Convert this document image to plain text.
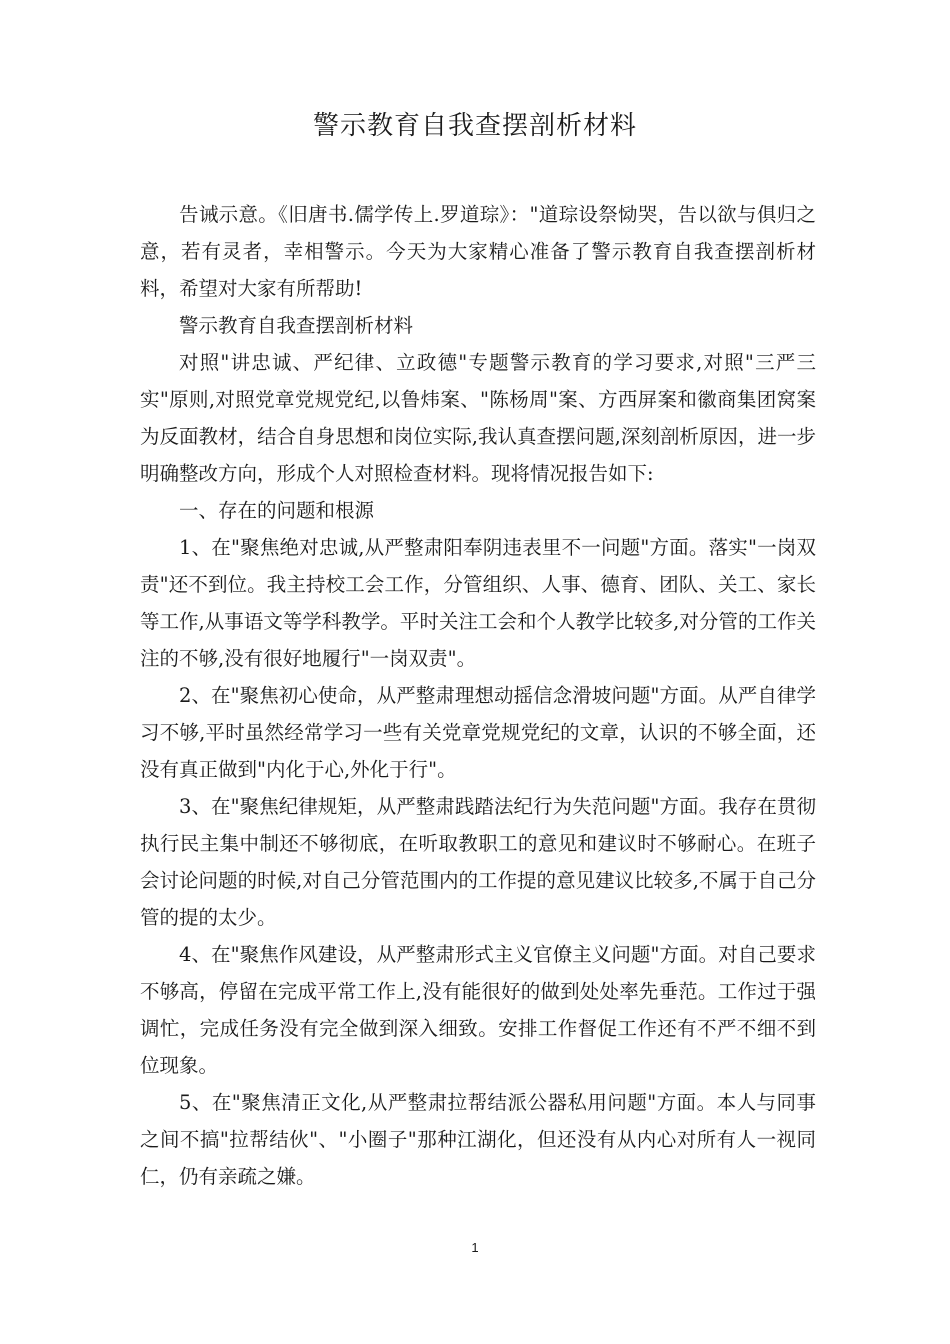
警示教育自我查摆剖析材料

告诫示意。《旧唐书.儒学传上.罗道琮》："道琮设祭恸哭，告以欲与俱归之意，若有灵者，幸相警示。今天为大家精心准备了警示教育自我查摆剖析材料，希望对大家有所帮助!

警示教育自我查摆剖析材料

对照"讲忠诚、严纪律、立政德"专题警示教育的学习要求,对照"三严三实"原则,对照党章党规党纪,以鲁炜案、"陈杨周"案、方西屏案和徽商集团窝案为反面教材，结合自身思想和岗位实际,我认真查摆问题,深刻剖析原因，进一步明确整改方向，形成个人对照检查材料。现将情况报告如下:

一、存在的问题和根源

1、在"聚焦绝对忠诚,从严整肃阳奉阴违表里不一问题"方面。落实"一岗双责"还不到位。我主持校工会工作，分管组织、人事、德育、团队、关工、家长等工作,从事语文等学科教学。平时关注工会和个人教学比较多,对分管的工作关注的不够,没有很好地履行"一岗双责"。

2、在"聚焦初心使命，从严整肃理想动摇信念滑坡问题"方面。从严自律学习不够,平时虽然经常学习一些有关党章党规党纪的文章，认识的不够全面，还没有真正做到"内化于心,外化于行"。

3、在"聚焦纪律规矩，从严整肃践踏法纪行为失范问题"方面。我存在贯彻执行民主集中制还不够彻底，在听取教职工的意见和建议时不够耐心。在班子会讨论问题的时候,对自己分管范围内的工作提的意见建议比较多,不属于自己分管的提的太少。

4、在"聚焦作风建设，从严整肃形式主义官僚主义问题"方面。对自己要求不够高，停留在完成平常工作上,没有能很好的做到处处率先垂范。工作过于强调忙，完成任务没有完全做到深入细致。安排工作督促工作还有不严不细不到位现象。

5、在"聚焦清正文化,从严整肃拉帮结派公器私用问题"方面。本人与同事之间不搞"拉帮结伙"、"小圈子"那种江湖化，但还没有从内心对所有人一视同仁，仍有亲疏之嫌。

1
